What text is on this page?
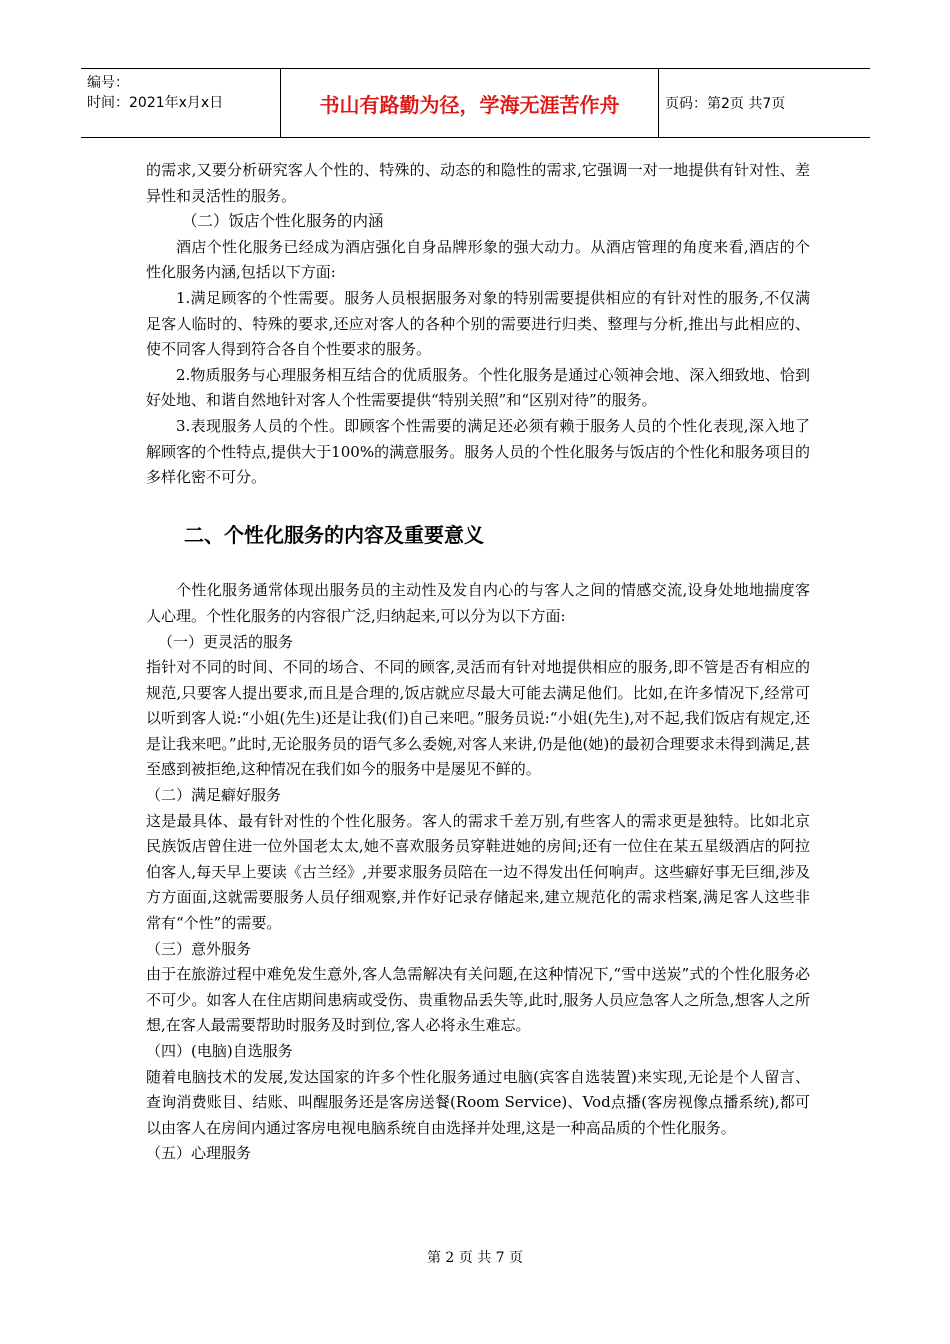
编号：
时间：2021年x月x日	书山有路勤为径，学海无涯苦作舟	页码：第2页 共7页

的需求,又要分析研究客人个性的、特殊的、动态的和隐性的需求,它强调一对一地提供有针对性、差异性和灵活性的服务。

（二）饭店个性化服务的内涵

酒店个性化服务已经成为酒店强化自身品牌形象的强大动力。从酒店管理的角度来看,酒店的个性化服务内涵,包括以下方面:

1.满足顾客的个性需要。服务人员根据服务对象的特别需要提供相应的有针对性的服务,不仅满足客人临时的、特殊的要求,还应对客人的各种个别的需要进行归类、整理与分析,推出与此相应的、使不同客人得到符合各自个性要求的服务。

2.物质服务与心理服务相互结合的优质服务。个性化服务是通过心领神会地、深入细致地、恰到好处地、和谐自然地针对客人个性需要提供“特别关照”和“区别对待”的服务。

3.表现服务人员的个性。即顾客个性需要的满足还必须有赖于服务人员的个性化表现,深入地了解顾客的个性特点,提供大于100%的满意服务。服务人员的个性化服务与饭店的个性化和服务项目的多样化密不可分。

二、个性化服务的内容及重要意义

个性化服务通常体现出服务员的主动性及发自内心的与客人之间的情感交流,设身处地地揣度客人心理。个性化服务的内容很广泛,归纳起来,可以分为以下方面:

（一）更灵活的服务

指针对不同的时间、不同的场合、不同的顾客,灵活而有针对地提供相应的服务,即不管是否有相应的规范,只要客人提出要求,而且是合理的,饭店就应尽最大可能去满足他们。比如,在许多情况下,经常可以听到客人说:“小姐(先生)还是让我(们)自己来吧。”服务员说:“小姐(先生),对不起,我们饭店有规定,还是让我来吧。”此时,无论服务员的语气多么委婉,对客人来讲,仍是他(她)的最初合理要求未得到满足,甚至感到被拒绝,这种情况在我们如今的服务中是屡见不鲜的。

（二）满足癖好服务

这是最具体、最有针对性的个性化服务。客人的需求千差万别,有些客人的需求更是独特。比如北京民族饭店曾住进一位外国老太太,她不喜欢服务员穿鞋进她的房间;还有一位住在某五星级酒店的阿拉伯客人,每天早上要读《古兰经》,并要求服务员陪在一边不得发出任何响声。这些癖好事无巨细,涉及方方面面,这就需要服务人员仔细观察,并作好记录存储起来,建立规范化的需求档案,满足客人这些非常有“个性”的需要。

（三）意外服务

由于在旅游过程中难免发生意外,客人急需解决有关问题,在这种情况下,“雪中送炭”式的个性化服务必不可少。如客人在住店期间患病或受伤、贵重物品丢失等,此时,服务人员应急客人之所急,想客人之所想,在客人最需要帮助时服务及时到位,客人必将永生难忘。

（四）(电脑)自选服务

随着电脑技术的发展,发达国家的许多个性化服务通过电脑(宾客自选装置)来实现,无论是个人留言、查询消费账目、结账、叫醒服务还是客房送餐(Room Service)、Vod点播(客房视像点播系统),都可以由客人在房间内通过客房电视电脑系统自由选择并处理,这是一种高品质的个性化服务。

（五）心理服务

第 2 页 共 7 页
